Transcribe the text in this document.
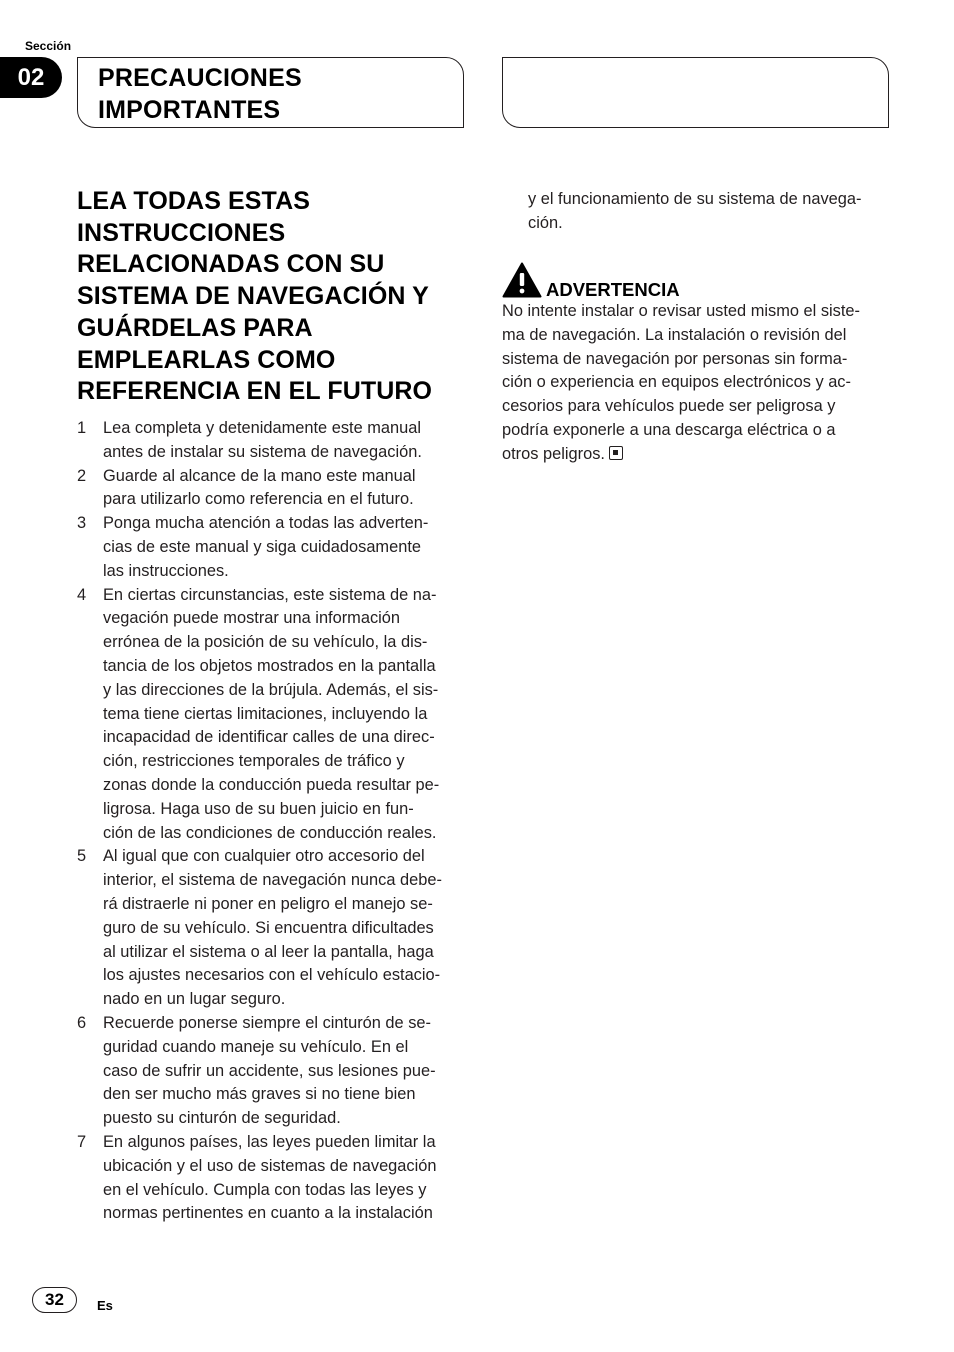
Sección
02	PRECAUCIONES
IMPORTANTES
LEA TODAS ESTAS
INSTRUCCIONES
RELACIONADAS CON SU
SISTEMA DE NAVEGACIÓN Y
GUÁRDELAS PARA
EMPLEARLAS COMO
REFERENCIA EN EL FUTURO
1 Lea completa y detenidamente este manual
antes de instalar su sistema de navegación.
2 Guarde al alcance de la mano este manual
para utilizarlo como referencia en el futuro.
3 Ponga mucha atención a todas las adverten-
cias de este manual y siga cuidadosamente
las instrucciones.
4 En ciertas circunstancias, este sistema de na-
vegación puede mostrar una información
errónea de la posición de su vehículo, la dis-
tancia de los objetos mostrados en la pantalla
y las direcciones de la brújula. Además, el sis-
tema tiene ciertas limitaciones, incluyendo la
incapacidad de identificar calles de una direc-
ción, restricciones temporales de tráfico y
zonas donde la conducción pueda resultar pe-
ligrosa. Haga uso de su buen juicio en fun-
ción de las condiciones de conducción reales.
5 Al igual que con cualquier otro accesorio del
interior, el sistema de navegación nunca debe-
rá distraerle ni poner en peligro el manejo se-
guro de su vehículo. Si encuentra dificultades
al utilizar el sistema o al leer la pantalla, haga
los ajustes necesarios con el vehículo estacio-
nado en un lugar seguro.
6 Recuerde ponerse siempre el cinturón de se-
guridad cuando maneje su vehículo. En el
caso de sufrir un accidente, sus lesiones pue-
den ser mucho más graves si no tiene bien
puesto su cinturón de seguridad.
7 En algunos países, las leyes pueden limitar la
ubicación y el uso de sistemas de navegación
en el vehículo. Cumpla con todas las leyes y
normas pertinentes en cuanto a la instalación
y el funcionamiento de su sistema de navega-
ción.
ADVERTENCIA
No intente instalar o revisar usted mismo el siste-
ma de navegación. La instalación o revisión del
sistema de navegación por personas sin forma-
ción o experiencia en equipos electrónicos y ac-
cesorios para vehículos puede ser peligrosa y
podría exponerle a una descarga eléctrica o a
otros peligros.
32	Es
